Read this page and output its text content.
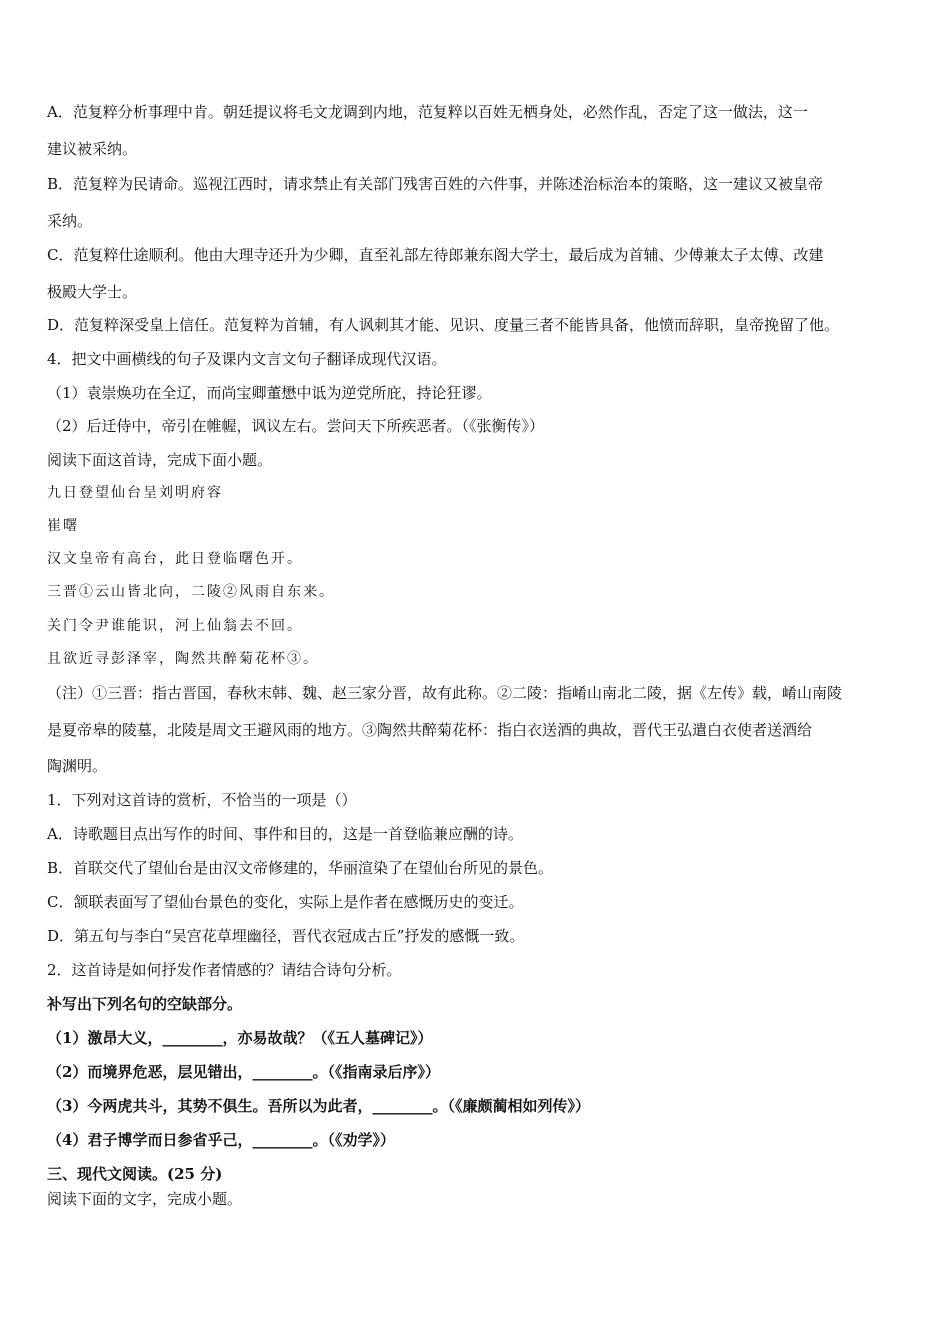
A．范复粹分析事理中肯。朝廷提议将毛文龙调到内地，范复粹以百姓无栖身处，必然作乱，否定了这一做法，这一
建议被采纳。
B．范复粹为民请命。巡视江西时，请求禁止有关部门残害百姓的六件事，并陈述治标治本的策略，这一建议又被皇帝
采纳。
C．范复粹仕途顺利。他由大理寺还升为少卿，直至礼部左待郎兼东阁大学士，最后成为首辅、少傅兼太子太傅、改建
极殿大学士。
D．范复粹深受皇上信任。范复粹为首辅，有人讽刺其才能、见识、度量三者不能皆具备，他愤而辞职，皇帝挽留了他。
4．把文中画横线的句子及课内文言文句子翻译成现代汉语。
（1）袁崇焕功在全辽，而尚宝卿董懋中诋为逆党所庇，持论狂谬。
（2）后迁侍中，帝引在帷幄，讽议左右。尝问天下所疾恶者。（《张衡传》）
阅读下面这首诗，完成下面小题。
九日登望仙台呈刘明府容
崔曙
汉文皇帝有高台，此日登临曙色开。
三晋①云山皆北向，二陵②风雨自东来。
关门令尹谁能识，河上仙翁去不回。
且欲近寻彭泽宰，陶然共醉菊花杯③。
（注）①三晋：指古晋国，春秋末韩、魏、赵三家分晋，故有此称。②二陵：指崤山南北二陵，据《左传》载，崤山南陵
是夏帝皋的陵墓，北陵是周文王避风雨的地方。③陶然共醉菊花杯：指白衣送酒的典故，晋代王弘遣白衣使者送酒给
陶渊明。
1．下列对这首诗的赏析，不恰当的一项是（）
A．诗歌题目点出写作的时间、事件和目的，这是一首登临兼应酬的诗。
B．首联交代了望仙台是由汉文帝修建的，华丽渲染了在望仙台所见的景色。
C．颔联表面写了望仙台景色的变化，实际上是作者在感慨历史的变迁。
D．第五句与李白“吴宫花草埋幽径，晋代衣冠成古丘”抒发的感慨一致。
2．这首诗是如何抒发作者情感的？请结合诗句分析。
补写出下列名句的空缺部分。
（1）激昂大义，________，亦易故哉？（《五人墓碑记》）
（2）而境界危恶，层见错出，________。（《指南录后序》）
（3）今两虎共斗，其势不俱生。吾所以为此者，________。（《廉颇蔺相如列传》）
（4）君子博学而日参省乎己，________。（《劝学》）
三、现代文阅读。(25 分)
阅读下面的文字，完成小题。
